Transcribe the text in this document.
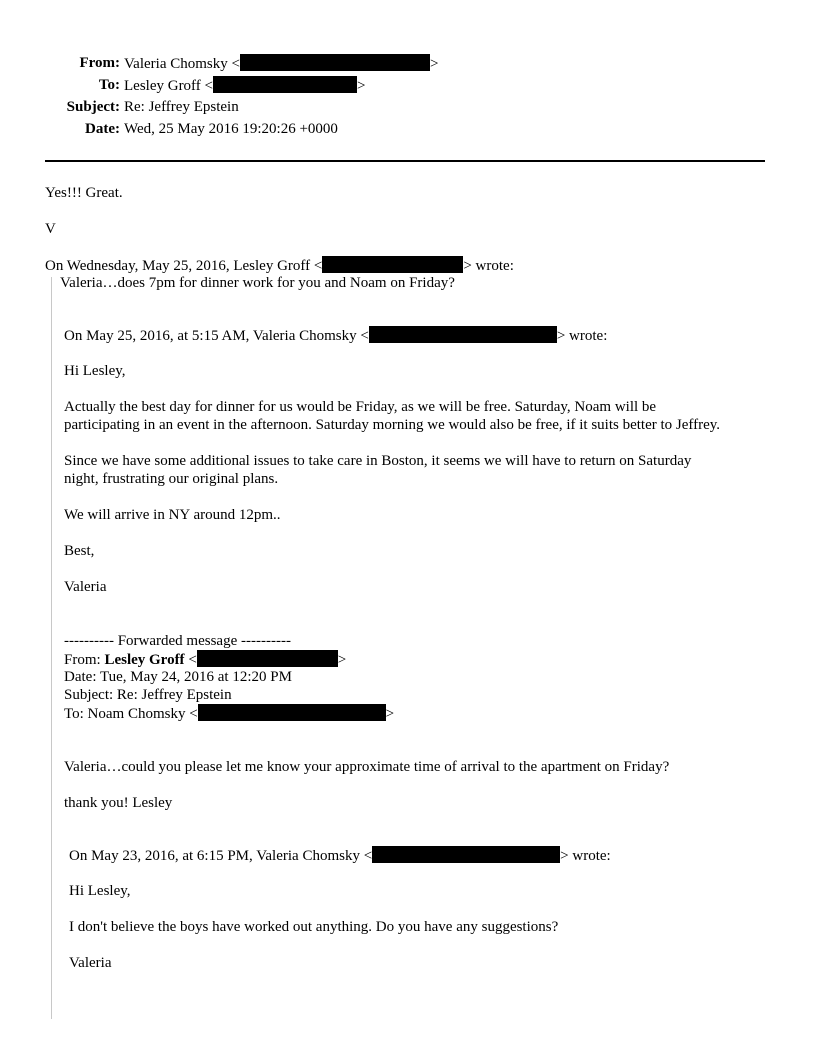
From: Valeria Chomsky <	>
To: Lesley Groff <	>
Subject: Re: Jeffrey Epstein
Date: Wed, 25 May 2016 19:20:26 +0000
Yes!!! Great.
V
On Wednesday, May 25, 2016, Lesley Groff <	> wrote:
Valeria…does 7pm for dinner work for you and Noam on Friday?
On May 25, 2016, at 5:15 AM, Valeria Chomsky <	> wrote:
Hi Lesley,
Actually the best day for dinner for us would be Friday, as we will be free. Saturday, Noam will be
participating in an event in the afternoon. Saturday morning we would also be free, if it suits better to Jeffrey.
Since we have some additional issues to take care in Boston, it seems we will have to return on Saturday
night, frustrating our original plans.
We will arrive in NY around 12pm..
Best,
Valeria
---------- Forwarded message ----------
From: Lesley Groff <	>
Date: Tue, May 24, 2016 at 12:20 PM
Subject: Re: Jeffrey Epstein
To: Noam Chomsky <	>
Valeria…could you please let me know your approximate time of arrival to the apartment on Friday?
thank you! Lesley
On May 23, 2016, at 6:15 PM, Valeria Chomsky <	> wrote:
Hi Lesley,
I don't believe the boys have worked out anything. Do you have any suggestions?
Valeria
